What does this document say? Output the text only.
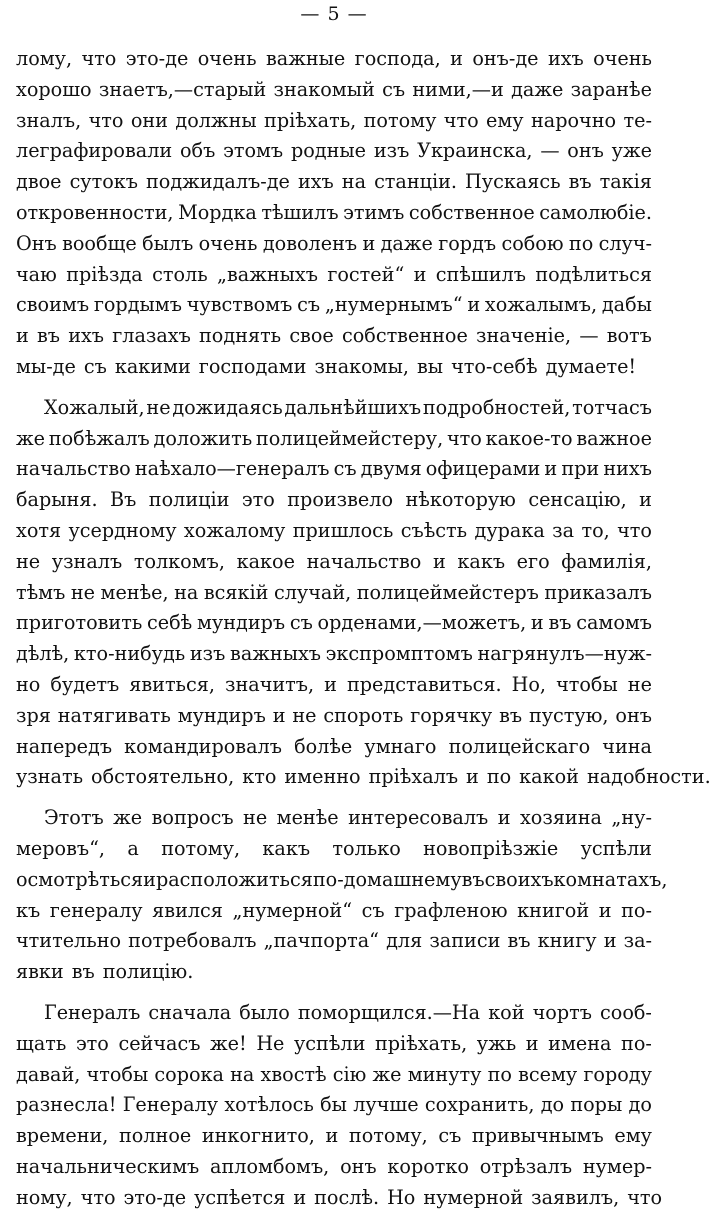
— 5 —
лому, что это-де очень важные господа, и онъ-де ихъ очень
хорошо знаетъ,—старый знакомый съ ними,—и даже заранѣе
зналъ, что они должны пріѣхать, потому что ему нарочно те-
леграфировали объ этомъ родные изъ Украинска, — онъ уже
двое сутокъ поджидалъ-де ихъ на станціи. Пускаясь въ такія
откровенности, Мордка тѣшилъ этимъ собственное самолюбіе.
Онъ вообще былъ очень доволенъ и даже гордъ собою по случ-
чаю пріѣзда столь „важныхъ гостей“ и спѣшилъ подѣлиться
своимъ гордымъ чувствомъ съ „нумернымъ“ и хожалымъ, дабы
и въ ихъ глазахъ поднять свое собственное значеніе, — вотъ
мы-де съ какими господами знакомы, вы что-себѣ думаете!
Хожалый, не дожидаясь дальнѣйшихъ подробностей, тотчасъ
же побѣжалъ доложить полицеймейстеру, что какое-то важное
начальство наѣхало—генералъ съ двумя офицерами и при нихъ
барыня. Въ полиціи это произвело нѣкоторую сенсацію, и
хотя усердному хожалому пришлось съѣсть дурака за то, что
не узналъ толкомъ, какое начальство и какъ его фамилія,
тѣмъ не менѣе, на всякій случай, полицеймейстеръ приказалъ
приготовить себѣ мундиръ съ орденами,—можетъ, и въ самомъ
дѣлѣ, кто-нибудь изъ важныхъ экспромптомъ нагрянулъ—нуж-
но будетъ явиться, значитъ, и представиться. Но, чтобы не
зря натягивать мундиръ и не спороть горячку въ пустую, онъ
напередъ командировалъ болѣе умнаго полицейскаго чина
узнать обстоятельно, кто именно пріѣхалъ и по какой надобности.
Этотъ же вопросъ не менѣе интересовалъ и хозяина „ну-
меровъ“, а потому, какъ только новопріѣзжіе успѣли
осмотрѣться и расположиться по-домашнему въ своихъ комнатахъ,
къ генералу явился „нумерной“ съ графленою книгой и по-
чтительно потребовалъ „пачпорта“ для записи въ книгу и за-
явки въ полицію.
Генералъ сначала было поморщился.—На кой чортъ сооб-
щать это сейчасъ же! Не успѣли пріѣхать, ужь и имена по-
давай, чтобы сорока на хвостѣ сію же минуту по всему городу
разнесла! Генералу хотѣлось бы лучше сохранить, до поры до
времени, полное инкогнито, и потому, съ привычнымъ ему
начальническимъ апломбомъ, онъ коротко отрѣзалъ нумер-
ному, что это-де успѣется и послѣ. Но нумерной заявилъ, что
